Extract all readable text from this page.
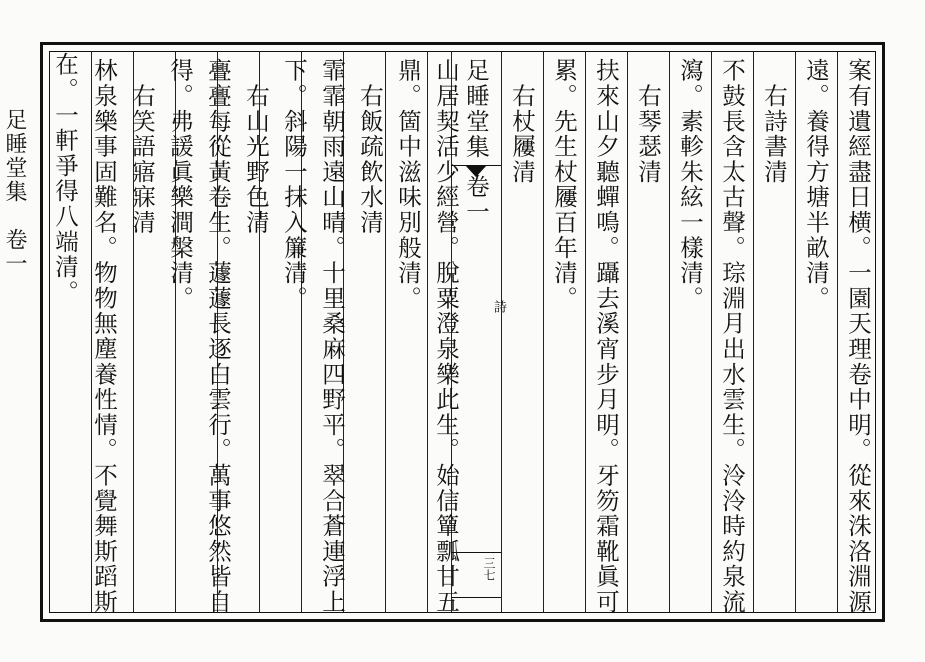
足睡堂集　卷一	案有遺經盡日横。一園天理卷中明。從來洙洛淵源
遠。養得方塘半畝清。
　右詩書清
不鼓長含太古聲。琮淵月出水雲生。泠泠時約泉流
瀉。素軫朱絃一樣清。
　右琴瑟清
扶來山夕聽蟬鳴。躡去溪宵步月明。牙笏霜靴眞可
累。先生杖屨百年清。
　右杖屨清
足睡堂集
卷一
詩
三七
山居契活少經營。脫粟澄泉樂此生。始信簞瓢甘五
鼎。箇中滋味別般清。
　右飯疏飲水清
霏霏朝雨遠山晴。十里桑麻四野平。翠合蒼連浮上
下。斜陽一抹入簾清。
　右山光野色清
亹亹每從黃卷生。蘧蘧長逐白雲行。萬事悠然皆自
得。弗諼眞樂澗槃清。
　右笑語寤寐清
林泉樂事固難名。物物無塵養性情。不覺舞斯蹈斯
在。一軒爭得八端清。
